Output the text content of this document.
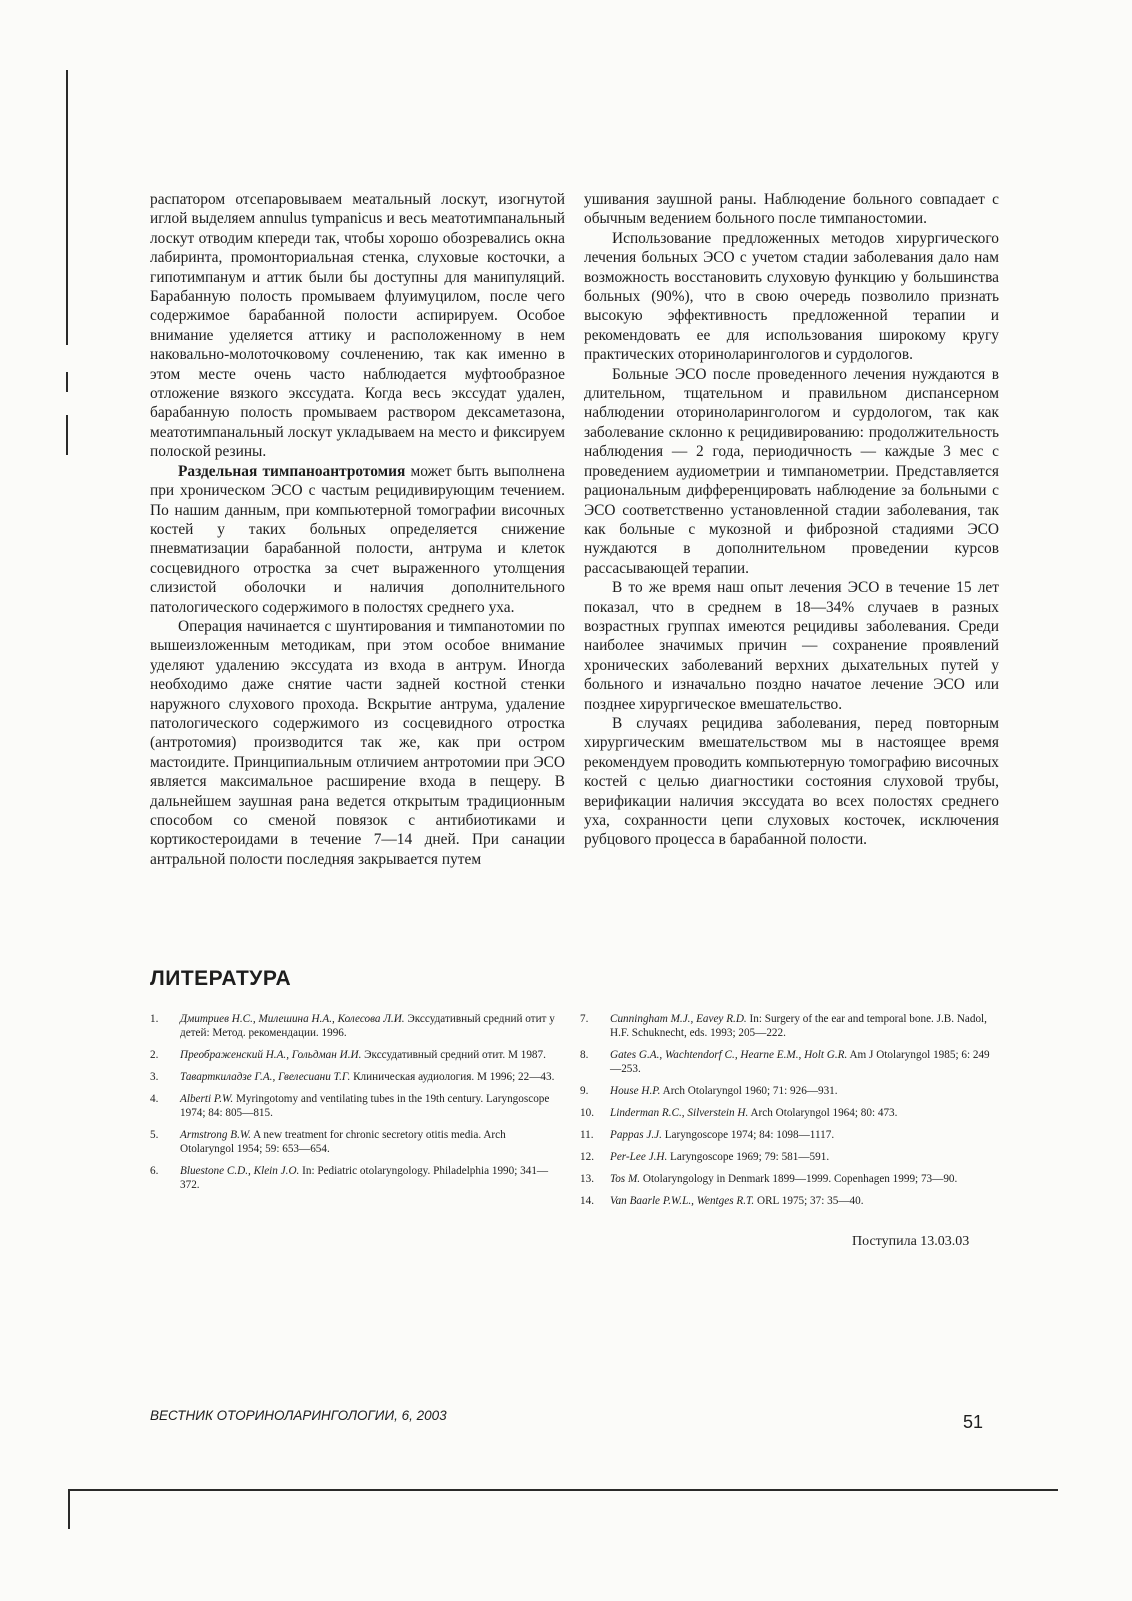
распатором отсепаровываем меатальный лоскут, изогнутой иглой выделяем annulus tympanicus и весь меатотимпанальный лоскут отводим кпереди так, чтобы хорошо обозревались окна лабиринта, промонториальная стенка, слуховые косточки, а гипотимпанум и аттик были бы доступны для манипуляций. Барабанную полость промываем флуимуцилом, после чего содержимое барабанной полости аспирируем. Особое внимание уделяется аттику и расположенному в нем наковально-молоточковому сочленению, так как именно в этом месте очень часто наблюдается муфтообразное отложение вязкого экссудата. Когда весь экссудат удален, барабанную полость промываем раствором дексаметазона, меатотимпанальный лоскут укладываем на место и фиксируем полоской резины.

Раздельная тимпаноантротомия может быть выполнена при хроническом ЭСО с частым рецидивирующим течением. По нашим данным, при компьютерной томографии височных костей у таких больных определяется снижение пневматизации барабанной полости, антрума и клеток сосцевидного отростка за счет выраженного утолщения слизистой оболочки и наличия дополнительного патологического содержимого в полостях среднего уха.

Операция начинается с шунтирования и тимпанотомии по вышеизложенным методикам, при этом особое внимание уделяют удалению экссудата из входа в антрум. Иногда необходимо даже снятие части задней костной стенки наружного слухового прохода. Вскрытие антрума, удаление патологического содержимого из сосцевидного отростка (антротомия) производится так же, как при остром мастоидите. Принципиальным отличием антротомии при ЭСО является максимальное расширение входа в пещеру. В дальнейшем заушная рана ведется открытым традиционным способом со сменой повязок с антибиотиками и кортикостероидами в течение 7—14 дней. При санации антральной полости последняя закрывается путем

ушивания заушной раны. Наблюдение больного совпадает с обычным ведением больного после тимпаностомии.

Использование предложенных методов хирургического лечения больных ЭСО с учетом стадии заболевания дало нам возможность восстановить слуховую функцию у большинства больных (90%), что в свою очередь позволило признать высокую эффективность предложенной терапии и рекомендовать ее для использования широкому кругу практических оториноларингологов и сурдологов.

Больные ЭСО после проведенного лечения нуждаются в длительном, тщательном и правильном диспансерном наблюдении оториноларингологом и сурдологом, так как заболевание склонно к рецидивированию: продолжительность наблюдения — 2 года, периодичность — каждые 3 мес с проведением аудиометрии и тимпанометрии. Представляется рациональным дифференцировать наблюдение за больными с ЭСО соответственно установленной стадии заболевания, так как больные с мукозной и фиброзной стадиями ЭСО нуждаются в дополнительном проведении курсов рассасывающей терапии.

В то же время наш опыт лечения ЭСО в течение 15 лет показал, что в среднем в 18—34% случаев в разных возрастных группах имеются рецидивы заболевания. Среди наиболее значимых причин — сохранение проявлений хронических заболеваний верхних дыхательных путей у больного и изначально поздно начатое лечение ЭСО или позднее хирургическое вмешательство.

В случаях рецидива заболевания, перед повторным хирургическим вмешательством мы в настоящее время рекомендуем проводить компьютерную томографию височных костей с целью диагностики состояния слуховой трубы, верификации наличия экссудата во всех полостях среднего уха, сохранности цепи слуховых косточек, исключения рубцового процесса в барабанной полости.

ЛИТЕРАТУРА
1. Дмитриев Н.С., Милешина Н.А., Колесова Л.И. Экссудативный средний отит у детей: Метод. рекомендации. 1996.
2. Преображенский Н.А., Гольдман И.И. Экссудативный средний отит. М 1987.
3. Таварткиладзе Г.А., Гвелесиани Т.Г. Клиническая аудиология. М 1996; 22—43.
4. Alberti P.W. Myringotomy and ventilating tubes in the 19th century. Laryngoscope 1974; 84: 805—815.
5. Armstrong B.W. A new treatment for chronic secretory otitis media. Arch Otolaryngol 1954; 59: 653—654.
6. Bluestone C.D., Klein J.O. In: Pediatric otolaryngology. Philadelphia 1990; 341—372.
7. Cunningham M.J., Eavey R.D. In: Surgery of the ear and temporal bone. J.B. Nadol, H.F. Schuknecht, eds. 1993; 205—222.
8. Gates G.A., Wachtendorf C., Hearne E.M., Holt G.R. Am J Otolaryngol 1985; 6: 249—253.
9. House H.P. Arch Otolaryngol 1960; 71: 926—931.
10. Linderman R.C., Silverstein H. Arch Otolaryngol 1964; 80: 473.
11. Pappas J.J. Laryngoscope 1974; 84: 1098—1117.
12. Per-Lee J.H. Laryngoscope 1969; 79: 581—591.
13. Tos M. Otolaryngology in Denmark 1899—1999. Copenhagen 1999; 73—90.
14. Van Baarle P.W.L., Wentges R.T. ORL 1975; 37: 35—40.
Поступила 13.03.03
ВЕСТНИК ОТОРИНОЛАРИНГОЛОГИИ, 6, 2003	51
